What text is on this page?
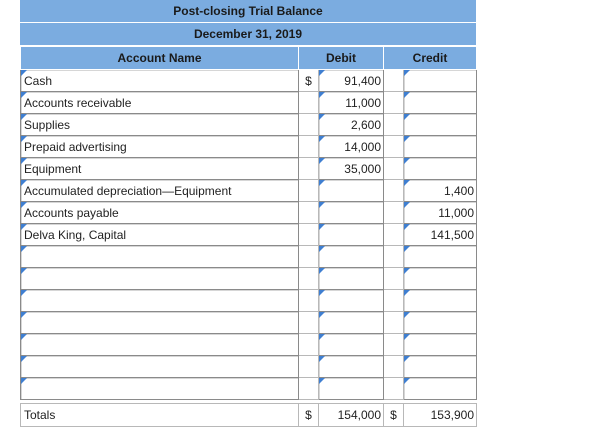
Post-closing Trial Balance
December 31, 2019
Account Name	Debit		Credit	

Cash	$	91,400		

Accounts receivable		11,000		

Supplies		2,600		

Prepaid advertising		14,000		

Equipment		35,000		

Accumulated depreciation—Equipment				1,400

Accounts payable				11,000

Delva King, Capital				141,500

Totals	$	154,000	$	153,900
